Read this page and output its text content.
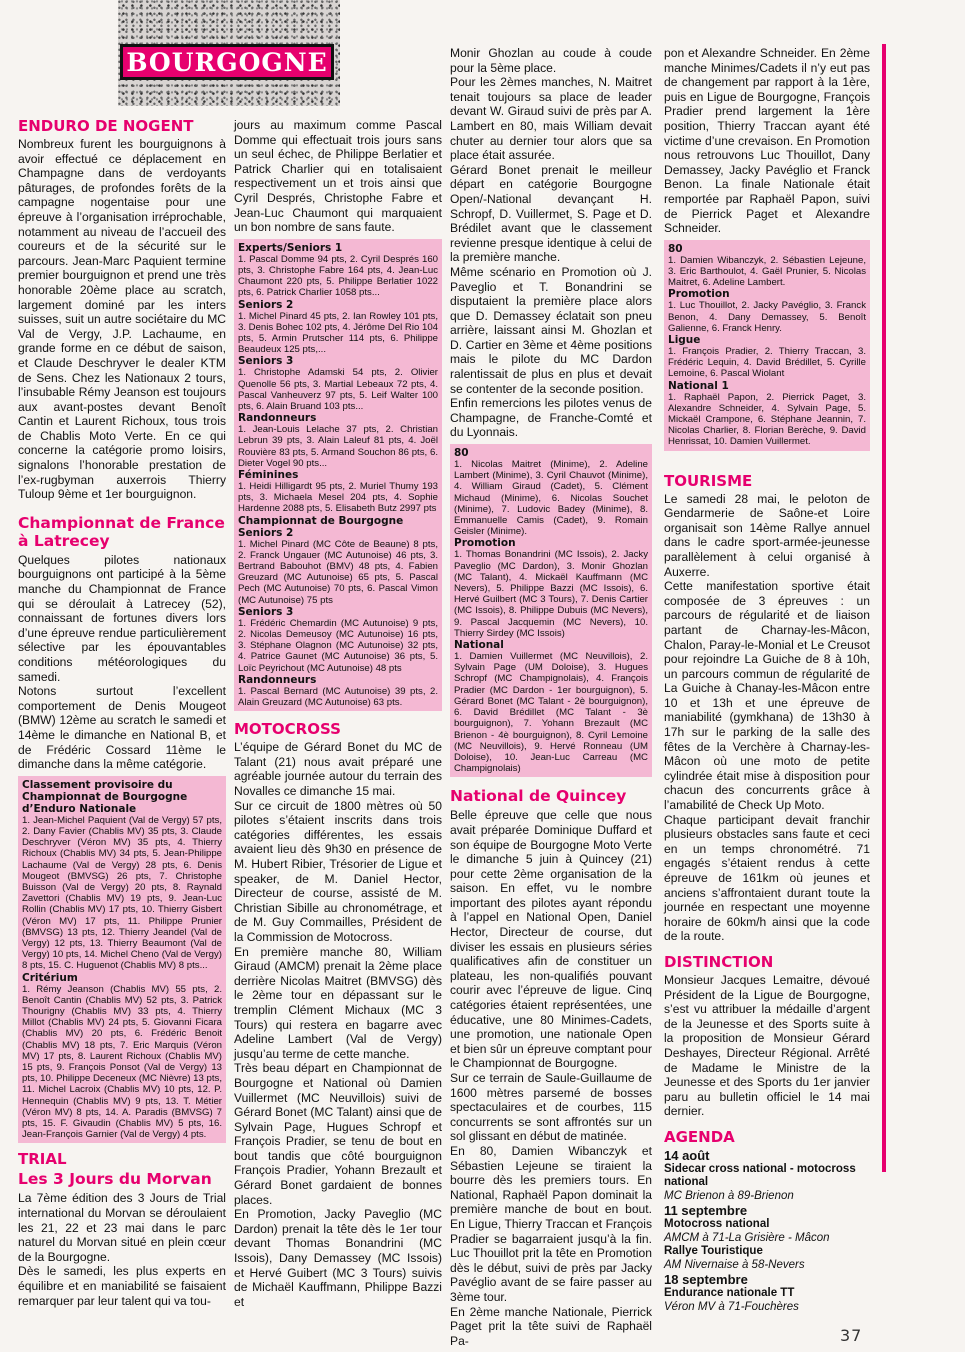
BOURGOGNE
ENDURO DE NOGENT

Nombreux furent les bourguignons à avoir effectué ce déplacement en Champagne dans de verdoyants pâturages, de profondes forêts de la campagne nogentaise pour une épreuve à l’organisation irréprochable, notamment au niveau de l’accueil des coureurs et de la sécurité sur le parcours. Jean-Marc Paquient termine premier bourguignon et prend une très honorable 20ème place au scratch, largement dominé par les inters suisses, suit un autre sociétaire du MC Val de Vergy, J.P. Lachaume, en grande forme en ce début de saison, et Claude Deschryver le dealer KTM de Sens. Chez les Nationaux 2 tours, l’insubable Rémy Jeanson est toujours aux avant-postes devant Benoît Cantin et Laurent Richoux, tous trois de Chablis Moto Verte. En ce qui concerne la catégorie promo loisirs, signalons l’honorable prestation de l’ex-rugbyman auxerrois Thierry Tuloup 9ème et 1er bourguignon.

Championnat de France à Latrecey

Quelques pilotes nationaux bourguignons ont participé à la 5ème manche du Championnat de France qui se déroulait à Latrecey (52), connaissant de fortunes divers lors d’une épreuve rendue particulièrement sélective par les épouvantables conditions météorologiques du samedi.
Notons surtout l’excellent comportement de Denis Mougeot (BMW) 12ème au scratch le samedi et 14ème le dimanche en National B, et de Frédéric Cossard 11ème le dimanche dans la même catégorie.

Classement provisoire du Championnat de Bourgogne d’Enduro Nationale
1. Jean-Michel Paquient (Val de Vergy) 57 pts, 2. Dany Favier (Chablis MV) 35 pts, 3. Claude Deschryver (Véron MV) 35 pts, 4. Thierry Richoux (Chablis MV) 34 pts, 5. Jean-Philippe Lachaume (Val de Vergy) 28 pts, 6. Denis Mougeot (BMVSG) 26 pts, 7. Christophe Buisson (Val de Vergy) 20 pts, 8. Raynald Zavettori (Chablis MV) 19 pts, 9. Jean-Luc Rollin (Chablis MV) 17 pts, 10. Thierry Gisbert (Véron MV) 17 pts, 11. Philippe Prunier (BMVSG) 13 pts, 12. Thierry Jeandel (Val de Vergy) 12 pts, 13. Thierry Beaumont (Val de Vergy) 10 pts, 14. Michel Cheno (Val de Vergy) 8 pts, 15. C. Huguenot (Chablis MV) 8 pts...
Critérium
1. Rémy Jeanson (Chablis MV) 55 pts, 2. Benoît Cantin (Chablis MV) 52 pts, 3. Patrick Thourigny (Chablis MV) 33 pts, 4. Thierry Millot (Chablis MV) 24 pts, 5. Giovanni Ficara (Chablis MV) 20 pts, 6. Frédéric Benoit (Chablis MV) 18 pts, 7. Eric Marquis (Véron MV) 17 pts, 8. Laurent Richoux (Chablis MV) 15 pts, 9. François Ponsot (Val de Vergy) 13 pts, 10. Philippe Deceneux (MC Nièvre) 13 pts, 11. Michel Lacroix (Chablis MV) 10 pts, 12. P. Hennequin (Chablis MV) 9 pts, 13. T. Métier (Véron MV) 8 pts, 14. A. Paradis (BMVSG) 7 pts, 15. F. Givaudin (Chablis MV) 5 pts, 16. Jean-François Garnier (Val de Vergy) 4 pts.
TRIAL
Les 3 Jours du Morvan

La 7ème édition des 3 Jours de Trial international du Morvan se déroulaient les 21, 22 et 23 mai dans le parc naturel du Morvan situé en plein cœur de la Bourgogne.
Dès le samedi, les plus experts en équilibre et en maniabilité se faisaient remarquer par leur talent qui va tou-

jours au maximum comme Pascal Domme qui effectuait trois jours sans un seul échec, de Philippe Berlatier et Patrick Charlier qui en totalisaient respectivement un et trois ainsi que Cyril Després, Christophe Fabre et Jean-Luc Chaumont qui marquaient un bon nombre de sans faute.

Experts/Seniors 1
1. Pascal Domme 94 pts, 2. Cyril Després 160 pts, 3. Christophe Fabre 164 pts, 4. Jean-Luc Chaumont 220 pts, 5. Philippe Berlatier 1022 pts, 6. Patrick Charlier 1058 pts...
Seniors 2
1. Michel Pinard 45 pts, 2. Ian Rowley 101 pts, 3. Denis Bohec 102 pts, 4. Jérôme Del Rio 104 pts, 5. Armin Prutscher 114 pts, 6. Philippe Beaudeux 125 pts,...
Seniors 3
1. Christophe Adamski 54 pts, 2. Olivier Quenolle 56 pts, 3. Martial Lebeaux 72 pts, 4. Pascal Vanheuverz 97 pts, 5. Leif Walter 100 pts, 6. Alain Bruand 103 pts...
Randonneurs
1. Jean-Louis Lelache 37 pts, 2. Christian Lebrun 39 pts, 3. Alain Laleuf 81 pts, 4. Joël Rouvière 83 pts, 5. Armand Souchon 86 pts, 6. Dieter Vogel 90 pts...
Féminines
1. Heidi Hilligardt 95 pts, 2. Muriel Thumy 193 pts, 3. Michaela Mesel 204 pts, 4. Sophie Hardenne 2088 pts, 5. Elisabeth Butz 2997 pts
Championnat de Bourgogne Seniors 2
1. Michel Pinard (MC Côte de Beaune) 8 pts, 2. Franck Ungauer (MC Autunoise) 46 pts, 3. Bertrand Babouhot (BMV) 48 pts, 4. Fabien Greuzard (MC Autunoise) 65 pts, 5. Pascal Pech (MC Autunoise) 70 pts, 6. Pascal Vimon (MC Autunoise) 75 pts
Seniors 3
1. Frédéric Chemardin (MC Autunoise) 9 pts, 2. Nicolas Demeusoy (MC Autunoise) 16 pts, 3. Stéphane Olagnon (MC Autunoise) 32 pts, 4. Patrice Gaunet (MC Autunoise) 36 pts, 5. Loïc Peyrichout (MC Autunoise) 48 pts
Randonneurs
1. Pascal Bernard (MC Autunoise) 39 pts, 2. Alain Greuzard (MC Autunoise) 63 pts.
MOTOCROSS

L’équipe de Gérard Bonet du MC de Talant (21) nous avait préparé une agréable journée autour du terrain des Novalles ce dimanche 15 mai.
Sur ce circuit de 1800 mètres où 50 pilotes s’étaient inscrits dans trois catégories différentes, les essais avaient lieu dès 9h30 en présence de M. Hubert Ribier, Trésorier de Ligue et speaker, de M. Daniel Hector, Directeur de course, assisté de M. Christian Sibille au chronométrage, et de M. Guy Commailles, Président de la Commission de Motocross.
En première manche 80, William Giraud (AMCM) prenait la 2ème place derrière Nicolas Maitret (BMVSG) dès le 2ème tour en dépassant sur le tremplin Clément Michaux (MC 3 Tours) qui restera en bagarre avec Adeline Lambert (Val de Vergy) jusqu’au terme de cette manche.
Très beau départ en Championnat de Bourgogne et National où Damien Vuillermet (MC Neuvillois) suivi de Gérard Bonet (MC Talant) ainsi que de Sylvain Page, Hugues Schropf et François Pradier, se tenu de bout en bout tandis que côté bourguignon François Pradier, Yohann Brezault et Gérard Bonet gardaient de bonnes places.
En Promotion, Jacky Paveglio (MC Dardon) prenait la tête dès le 1er tour devant Thomas Bonandrini (MC Issois), Dany Demassey (MC Issois) et Hervé Guibert (MC 3 Tours) suivis de Michaël Kauffmann, Philippe Bazzi et

Monir Ghozlan au coude à coude pour la 5ème place.
Pour les 2èmes manches, N. Maitret tenait toujours sa place de leader devant W. Giraud suivi de près par A. Lambert en 80, mais William devait chuter au dernier tour alors que sa place était assurée.
Gérard Bonet prenait le meilleur départ en catégorie Bourgogne Open/-National devançant H. Schropf, D. Vuillermet, S. Page et D. Brédilet avant que le classement revienne presque identique à celui de la première manche.
Même scénario en Promotion où J. Paveglio et T. Bonandrini se disputaient la première place alors que D. Demassey éclatait son pneu arrière, laissant ainsi M. Ghozlan et D. Cartier en 3ème et 4ème positions mais le pilote du MC Dardon ralentissait de plus en plus et devait se contenter de la seconde position.
Enfin remercions les pilotes venus de Champagne, de Franche-Comté et du Lyonnais.

80
1. Nicolas Maitret (Minime), 2. Adeline Lambert (Minime), 3. Cyril Chauvot (Minime), 4. William Giraud (Cadet), 5. Clément Michaud (Minime), 6. Nicolas Souchet (Minime), 7. Ludovic Badey (Minime), 8. Emmanuelle Camis (Cadet), 9. Romain Geisler (Minime).
Promotion
1. Thomas Bonandrini (MC Issois), 2. Jacky Paveglio (MC Dardon), 3. Monir Ghozlan (MC Talant), 4. Mickaël Kauffmann (MC Nevers), 5. Philippe Bazzi (MC Issois), 6. Hervé Guilbert (MC 3 Tours), 7. Denis Cartier (MC Issois), 8. Philippe Dubuis (MC Nevers), 9. Pascal Jacquemin (MC Nevers), 10. Thierry Sirdey (MC Issois)
National
1. Damien Vuillermet (MC Neuvillois), 2. Sylvain Page (UM Doloise), 3. Hugues Schropf (MC Champignolais), 4. François Pradier (MC Dardon - 1er bourguignon), 5. Gérard Bonet (MC Talant - 2è bourguignon), 6. David Brédillet (MC Talant - 3è bourguignon), 7. Yohann Brezault (MC Brienon - 4è bourguignon), 8. Cyril Lemoine (MC Neuvillois), 9. Hervé Ronneau (UM Doloise), 10. Jean-Luc Carreau (MC Champignolais)
National de Quincey

Belle épreuve que celle que nous avait préparée Dominique Duffard et son équipe de Bourgogne Moto Verte le dimanche 5 juin à Quincey (21) pour cette 2ème organisation de la saison. En effet, vu le nombre important des pilotes ayant répondu à l’appel en National Open, Daniel Hector, Directeur de course, dut diviser les essais en plusieurs séries qualificatives afin de constituer un plateau, les non-qualifiés pouvant courir avec l’épreuve de ligue. Cinq catégories étaient représentées, une éducative, une 80 Minimes-Cadets, une promotion, une nationale Open et bien sûr un épreuve comptant pour le Championnat de Bourgogne.
Sur ce terrain de Saule-Guillaume de 1600 mètres parsemé de bosses spectaculaires et de courbes, 115 concurrents se sont affrontés sur un sol glissant en début de matinée.
En 80, Damien Wibanczyk et Sébastien Lejeune se tiraient la bourre dès les premiers tours. En National, Raphaël Papon dominait la première manche de bout en bout. En Ligue, Thierry Traccan et François Pradier se bagarraient jusqu’à la fin. Luc Thouillot prit la tête en Promotion dès le début, suivi de près par Jacky Pavéglio avant de se faire passer au 3ème tour.
En 2ème manche Nationale, Pierrick Paget prit la tête suivi de Raphaël Pa-

pon et Alexandre Schneider. En 2ème manche Minimes/Cadets il n’y eut pas de changement par rapport à la 1ère, puis en Ligue de Bourgogne, François Pradier prend largement la 1ère position, Thierry Traccan ayant été victime d’une crevaison. En Promotion nous retrouvons Luc Thouillot, Dany Demassey, Jacky Pavéglio et Franck Benon. La finale Nationale était remportée par Raphaël Papon, suivi de Pierrick Paget et Alexandre Schneider.

80
1. Damien Wibanczyk, 2. Sébastien Lejeune, 3. Eric Barthoulot, 4. Gaël Prunier, 5. Nicolas Maitret, 6. Adeline Lambert.
Promotion
1. Luc Thouillot, 2. Jacky Pavéglio, 3. Franck Benon, 4. Dany Demassey, 5. Benoît Galienne, 6. Franck Henry.
Ligue
1. François Pradier, 2. Thierry Traccan, 3. Frédéric Lequin, 4. David Brédillet, 5. Cyrille Lemoine, 6. Pascal Wiolant
National 1
1. Raphaël Papon, 2. Pierrick Paget, 3. Alexandre Schneider, 4. Sylvain Page, 5. Mickaël Crampone, 6. Stéphane Jeannin, 7. Nicolas Charlier, 8. Florian Berèche, 9. David Henrissat, 10. Damien Vuillermet.
TOURISME

Le samedi 28 mai, le peloton de Gendarmerie de Saône-et Loire organisait son 14ème Rallye annuel dans le cadre sport-armée-jeunesse parallèlement à celui organisé à Auxerre.
Cette manifestation sportive était composée de 3 épreuves : un parcours de régularité et de liaison partant de Charnay-les-Mâcon, Chalon, Paray-le-Monial et Le Creusot pour rejoindre La Guiche de 8 à 10h, un parcours commun de régularité de La Guiche à Chanay-les-Mâcon entre 10 et 13h et une épreuve de maniabilité (gymkhana) de 13h30 à 17h sur le parking de la salle des fêtes de la Verchère à Charnay-les-Mâcon où une moto de petite cylindrée était mise à disposition pour chacun des concurrents grâce à l’amabilité de Check Up Moto.
Chaque participant devait franchir plusieurs obstacles sans faute et ceci en un temps chronométré. 71 engagés s’étaient rendus à cette épreuve de 161km où jeunes et anciens s’affrontaient durant toute la journée en respectant une moyenne horaire de 60km/h ainsi que la code de la route.

DISTINCTION

Monsieur Jacques Lemaitre, dévoué Président de la Ligue de Bourgogne, s’est vu attribuer la médaille d’argent de la Jeunesse et des Sports suite à la proposition de Monsieur Gérard Deshayes, Directeur Régional. Arrêté de Madame le Ministre de la Jeunesse et des Sports du 1er janvier paru au bulletin officiel le 14 mai dernier.

AGENDA
14 août
Sidecar cross national - motocross national
MC Brienon à 89-Brienon
11 septembre
Motocross national
AMCM à 71-La Grisière - Mâcon
Rallye Touristique
AM Nivernaise à 58-Nevers
18 septembre
Endurance nationale TT
Véron MV à 71-Fouchères
37
